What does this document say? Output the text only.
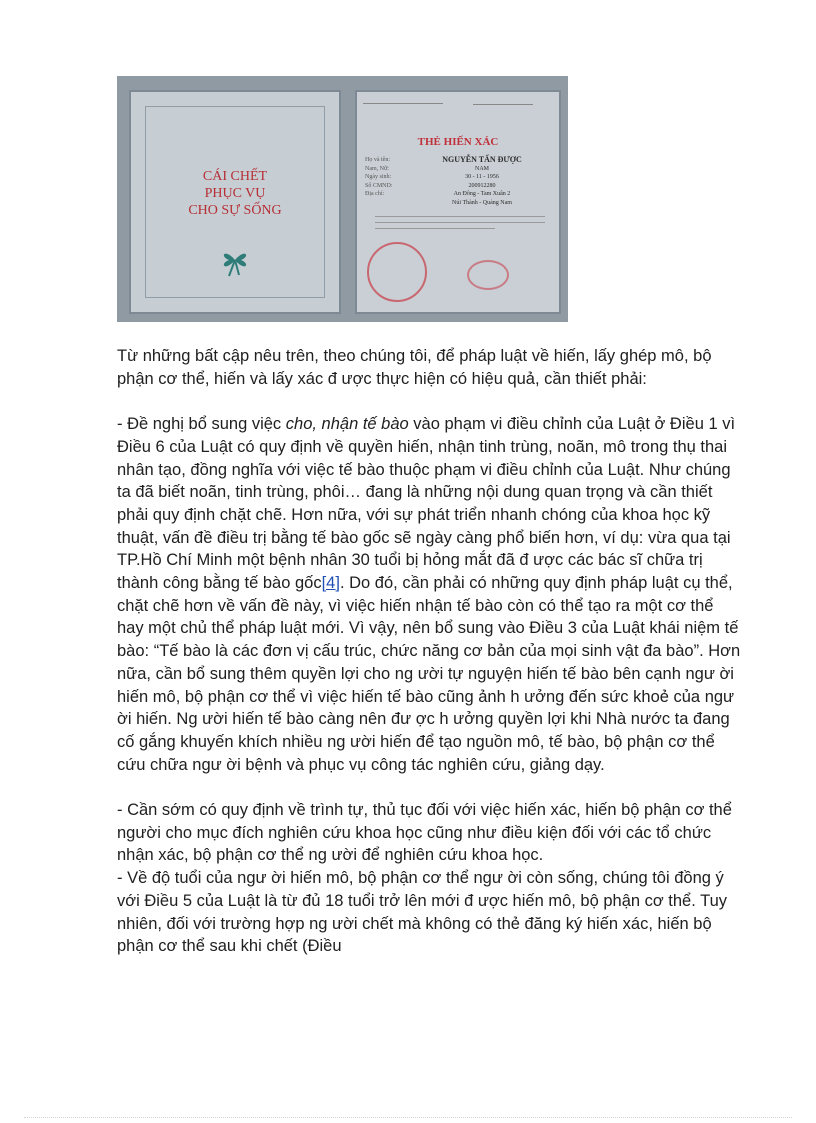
CÁI CHẾT
PHỤC VỤ
CHO SỰ SỐNG
THẺ HIẾN XÁC
Họ và tên:	NGUYỄN TẤN ĐƯỢC
Nam, Nữ:	NAM
Ngày sinh:	30 - 11 - 1956
Số CMND:	200912280
Địa chỉ:	An Đông - Tam Xuân 2
Núi Thành - Quảng Nam

Từ những bất cập nêu trên, theo chúng tôi, để pháp luật về hiến, lấy ghép mô, bộ phận cơ thể, hiến và lấy xác đ ược thực hiện có hiệu quả, cần thiết phải:

- Đề nghị bổ sung việc cho, nhận tế bào vào phạm vi điều chỉnh của Luật ở Điều 1 vì Điều 6 của Luật có quy định về quyền hiến, nhận tinh trùng, noãn, mô trong thụ thai nhân tạo, đồng nghĩa với việc tế bào thuộc phạm vi điều chỉnh của Luật. Như chúng ta đã biết noãn, tinh trùng, phôi… đang là những nội dung quan trọng và cần thiết phải quy định chặt chẽ. Hơn nữa, với sự phát triển nhanh chóng của khoa học kỹ thuật, vấn đề điều trị bằng tế bào gốc sẽ ngày càng phổ biến hơn, ví dụ: vừa qua tại TP.Hồ Chí Minh một bệnh nhân 30 tuổi bị hỏng mắt đã đ ược các bác sĩ chữa trị thành công bằng tế bào gốc[4]. Do đó, cần phải có những quy định pháp luật cụ thể, chặt chẽ hơn về vấn đề này, vì việc hiến nhận tế bào còn có thể tạo ra một cơ thể hay một chủ thể pháp luật mới. Vì vậy, nên bổ sung vào Điều 3 của Luật khái niệm tế bào: “Tế bào là các đơn vị cấu trúc, chức năng cơ bản của mọi sinh vật đa bào”. Hơn nữa, cần bổ sung thêm quyền lợi cho ng ười tự nguyện hiến tế bào bên cạnh ngư ời hiến mô, bộ phận cơ thể vì việc hiến tế bào cũng ảnh h ưởng đến sức khoẻ của ngư ời hiến. Ng ười hiến tế bào càng nên đư ợc h ưởng quyền lợi khi Nhà nước ta đang cố gắng khuyến khích nhiều ng ười hiến để tạo nguồn mô, tế bào, bộ phận cơ thể cứu chữa ngư ời bệnh và phục vụ công tác nghiên cứu, giảng dạy.

- Cần sớm có quy định về trình tự, thủ tục đối với việc hiến xác, hiến bộ phận cơ thể người cho mục đích nghiên cứu khoa học cũng như điều kiện đối với các tổ chức nhận xác, bộ phận cơ thể ng ười để nghiên cứu khoa học.

- Về độ tuổi của ngư ời hiến mô, bộ phận cơ thể ngư ời còn sống, chúng tôi đồng ý với Điều 5 của Luật là từ đủ 18 tuổi trở lên mới đ ược hiến mô, bộ phận cơ thể. Tuy nhiên, đối với trường hợp ng ười chết mà không có thẻ đăng ký hiến xác, hiến bộ phận cơ thể sau khi chết (Điều
